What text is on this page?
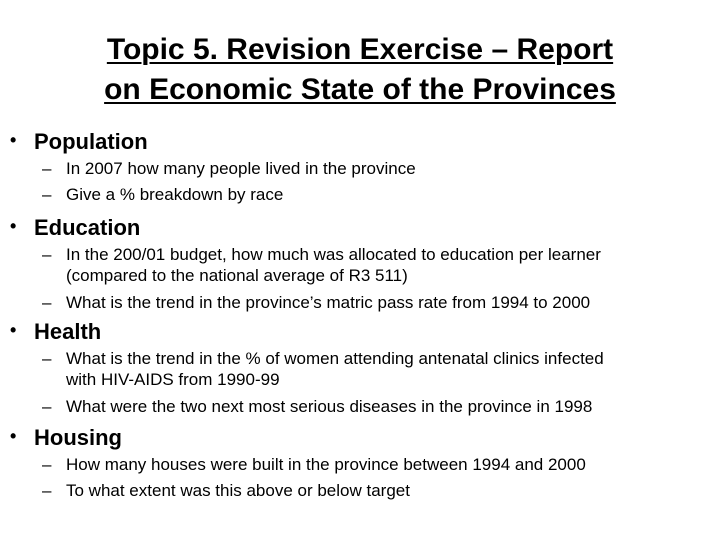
Topic 5. Revision Exercise – Report
on Economic State of the Provinces
• Population
– In 2007 how many people lived in the province
– Give a % breakdown by race
• Education
– In the 200/01 budget, how much was allocated to education per learner
(compared to the national average of R3 511)
– What is the trend in the province’s matric pass rate from 1994 to 2000
• Health
– What is the trend in the % of women attending antenatal clinics infected
with HIV-AIDS from 1990-99
– What were the two next most serious diseases in the province in 1998
• Housing
– How many houses were built in the province between 1994 and 2000
– To what extent was this above or below target
